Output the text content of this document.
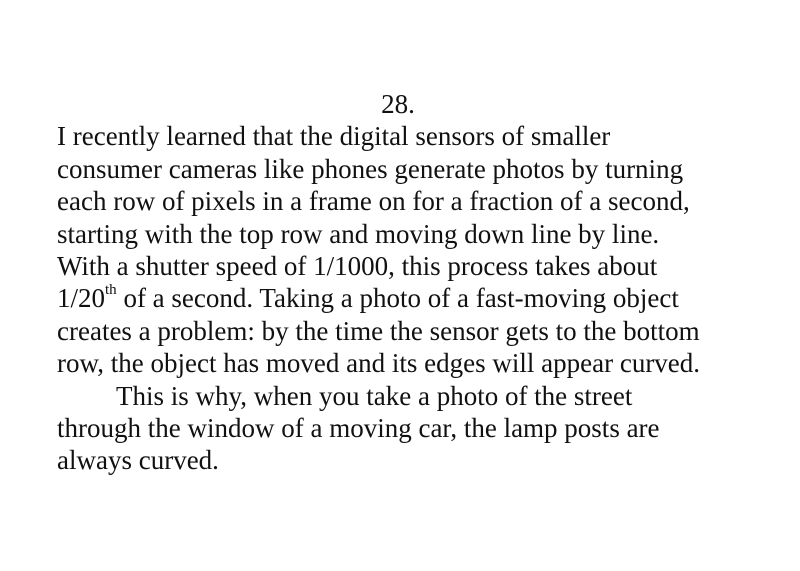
28.
I recently learned that the digital sensors of smaller
consumer cameras like phones generate photos by turning
each row of pixels in a frame on for a fraction of a second,
starting with the top row and moving down line by line.
With a shutter speed of 1/1000, this process takes about
1/20th of a second. Taking a photo of a fast-moving object
creates a problem: by the time the sensor gets to the bottom
row, the object has moved and its edges will appear curved.
This is why, when you take a photo of the street
through the window of a moving car, the lamp posts are
always curved.
